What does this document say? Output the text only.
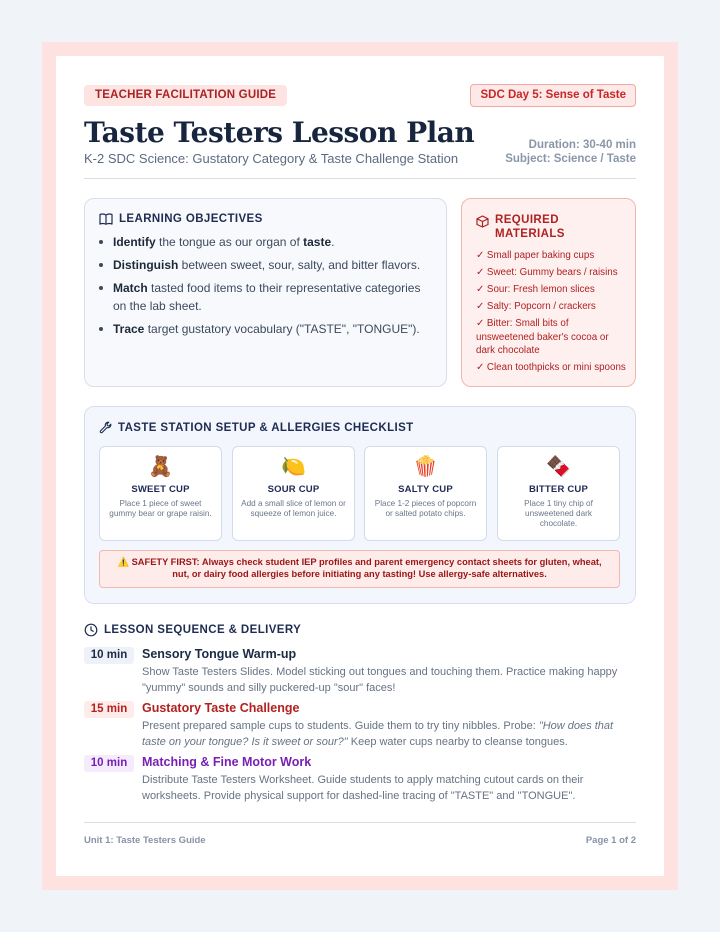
TEACHER FACILITATION GUIDE	SDC Day 5: Sense of Taste
Taste Testers Lesson Plan
K-2 SDC Science: Gustatory Category & Taste Challenge Station
Duration: 30-40 min
Subject: Science / Taste
LEARNING OBJECTIVES
Identify the tongue as our organ of taste.
Distinguish between sweet, sour, salty, and bitter flavors.
Match tasted food items to their representative categories on the lab sheet.
Trace target gustatory vocabulary ("TASTE", "TONGUE").
REQUIRED
MATERIALS
✓ Small paper baking cups
✓ Sweet: Gummy bears / raisins
✓ Sour: Fresh lemon slices
✓ Salty: Popcorn / crackers
✓ Bitter: Small bits of unsweetened baker's cocoa or dark chocolate
✓ Clean toothpicks or mini spoons
TASTE STATION SETUP & ALLERGIES CHECKLIST
🧸
SWEET CUP
Place 1 piece of sweet gummy bear or grape raisin.
🍋
SOUR CUP
Add a small slice of lemon or squeeze of lemon juice.
🍿
SALTY CUP
Place 1-2 pieces of popcorn or salted potato chips.
🍫
BITTER CUP
Place 1 tiny chip of unsweetened dark chocolate.
⚠️ SAFETY FIRST: Always check student IEP profiles and parent emergency contact sheets for gluten, wheat, nut, or dairy food allergies before initiating any tasting! Use allergy-safe alternatives.
LESSON SEQUENCE & DELIVERY
10 min	Sensory Tongue Warm-up
Show Taste Testers Slides. Model sticking out tongues and touching them. Practice making happy "yummy" sounds and silly puckered-up "sour" faces!
15 min	Gustatory Taste Challenge
Present prepared sample cups to students. Guide them to try tiny nibbles. Probe: "How does that taste on your tongue? Is it sweet or sour?" Keep water cups nearby to cleanse tongues.
10 min	Matching & Fine Motor Work
Distribute Taste Testers Worksheet. Guide students to apply matching cutout cards on their worksheets. Provide physical support for dashed-line tracing of "TASTE" and "TONGUE".
Unit 1: Taste Testers Guide	Page 1 of 2
